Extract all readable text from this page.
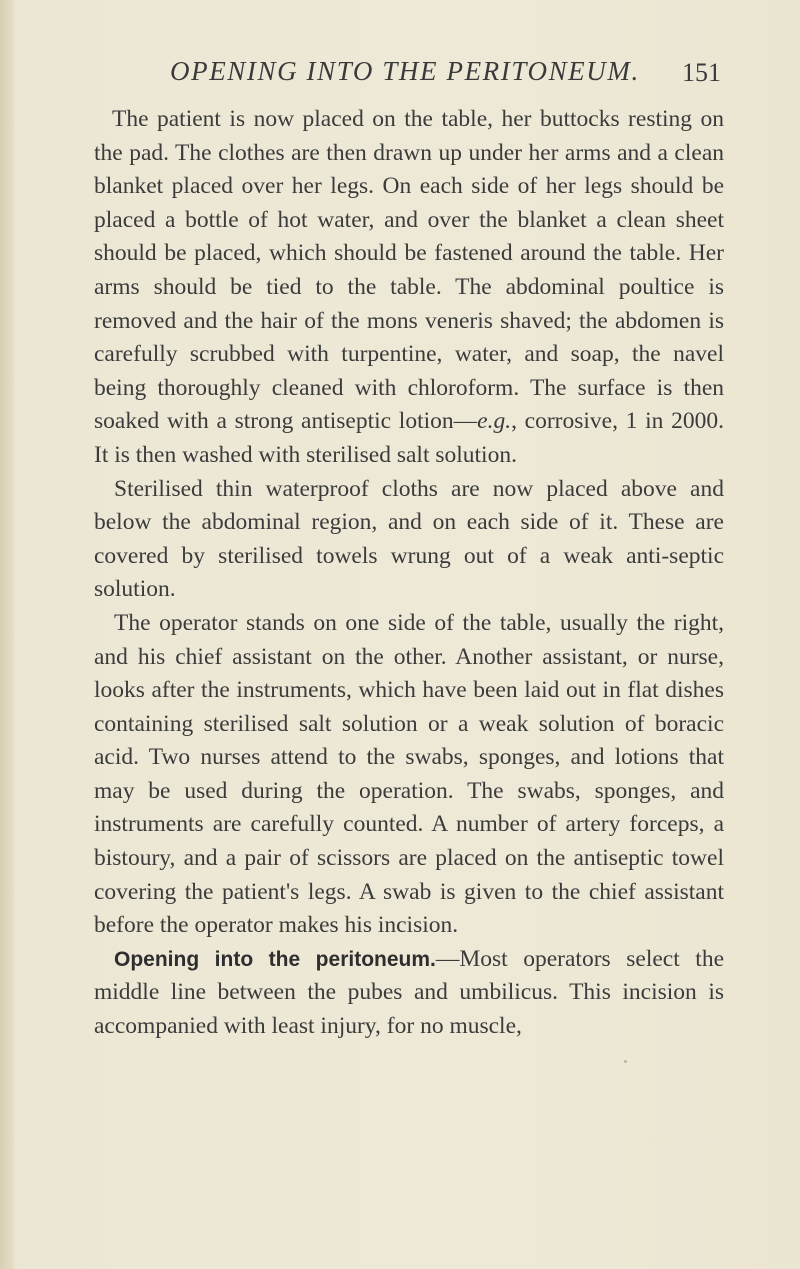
OPENING INTO THE PERITONEUM. 151

The patient is now placed on the table, her buttocks resting on the pad. The clothes are then drawn up under her arms and a clean blanket placed over her legs. On each side of her legs should be placed a bottle of hot water, and over the blanket a clean sheet should be placed, which should be fastened around the table. Her arms should be tied to the table. The abdominal poultice is removed and the hair of the mons veneris shaved; the abdomen is carefully scrubbed with turpentine, water, and soap, the navel being thoroughly cleaned with chloroform. The surface is then soaked with a strong antiseptic lotion—e.g., corrosive, 1 in 2000. It is then washed with sterilised salt solution.

Sterilised thin waterproof cloths are now placed above and below the abdominal region, and on each side of it. These are covered by sterilised towels wrung out of a weak anti-septic solution.

The operator stands on one side of the table, usually the right, and his chief assistant on the other. Another assistant, or nurse, looks after the instruments, which have been laid out in flat dishes containing sterilised salt solution or a weak solution of boracic acid. Two nurses attend to the swabs, sponges, and lotions that may be used during the operation. The swabs, sponges, and instruments are carefully counted. A number of artery forceps, a bistoury, and a pair of scissors are placed on the antiseptic towel covering the patient's legs. A swab is given to the chief assistant before the operator makes his incision.

Opening into the peritoneum.—Most operators select the middle line between the pubes and umbilicus. This incision is accompanied with least injury, for no muscle,
